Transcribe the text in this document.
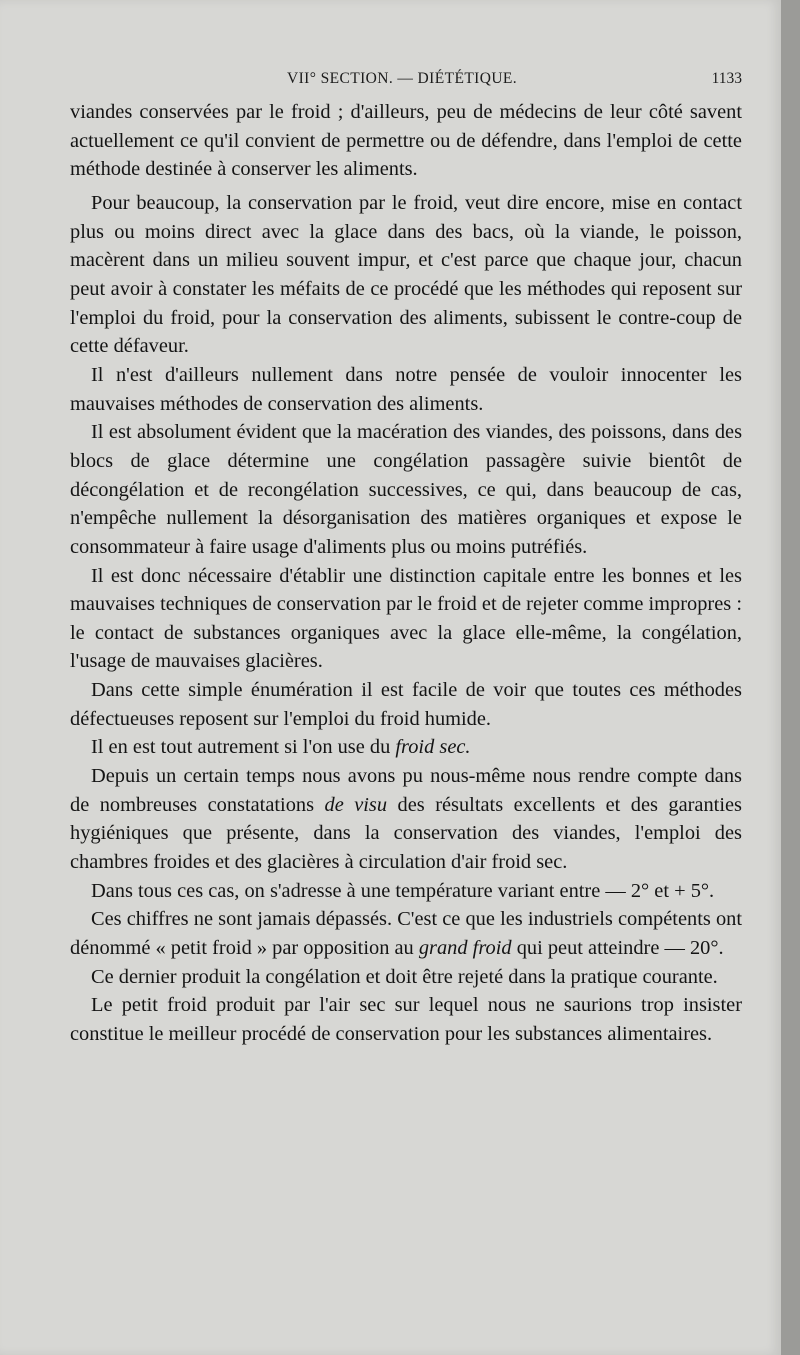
VII° SECTION. — DIÉTÉTIQUE.	1133

viandes conservées par le froid ; d'ailleurs, peu de médecins de leur côté savent actuellement ce qu'il convient de permettre ou de défendre, dans l'emploi de cette méthode destinée à conserver les aliments.

Pour beaucoup, la conservation par le froid, veut dire encore, mise en contact plus ou moins direct avec la glace dans des bacs, où la viande, le poisson, macèrent dans un milieu souvent impur, et c'est parce que chaque jour, chacun peut avoir à constater les méfaits de ce procédé que les méthodes qui reposent sur l'emploi du froid, pour la conservation des aliments, subissent le contre-coup de cette défaveur.

Il n'est d'ailleurs nullement dans notre pensée de vouloir innocenter les mauvaises méthodes de conservation des aliments.

Il est absolument évident que la macération des viandes, des poissons, dans des blocs de glace détermine une congélation passagère suivie bientôt de décongélation et de recongélation successives, ce qui, dans beaucoup de cas, n'empêche nullement la désorganisation des matières organiques et expose le consommateur à faire usage d'aliments plus ou moins putréfiés.

Il est donc nécessaire d'établir une distinction capitale entre les bonnes et les mauvaises techniques de conservation par le froid et de rejeter comme impropres : le contact de substances organiques avec la glace elle-même, la congélation, l'usage de mauvaises glacières.

Dans cette simple énumération il est facile de voir que toutes ces méthodes défectueuses reposent sur l'emploi du froid humide.

Il en est tout autrement si l'on use du froid sec.

Depuis un certain temps nous avons pu nous-même nous rendre compte dans de nombreuses constatations de visu des résultats excellents et des garanties hygiéniques que présente, dans la conservation des viandes, l'emploi des chambres froides et des glacières à circulation d'air froid sec.

Dans tous ces cas, on s'adresse à une température variant entre — 2° et + 5°.

Ces chiffres ne sont jamais dépassés. C'est ce que les industriels compétents ont dénommé « petit froid » par opposition au grand froid qui peut atteindre — 20°.

Ce dernier produit la congélation et doit être rejeté dans la pratique courante.

Le petit froid produit par l'air sec sur lequel nous ne saurions trop insister constitue le meilleur procédé de conservation pour les substances alimentaires.
